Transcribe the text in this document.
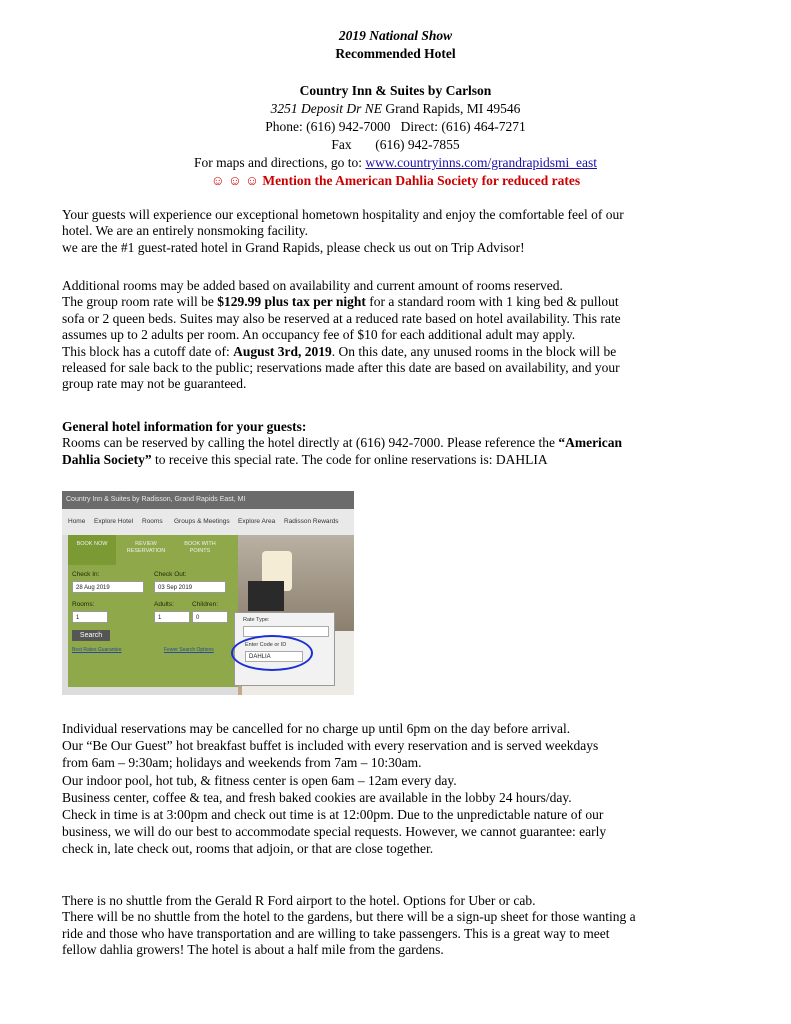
2019 National Show
Recommended Hotel
Country Inn & Suites by Carlson
3251 Deposit Dr NE Grand Rapids, MI 49546
Phone: (616) 942-7000   Direct: (616) 464-7271
Fax       (616) 942-7855
For maps and directions, go to: www.countryinns.com/grandrapidsmi_east
☺ ☺ ☺ Mention the American Dahlia Society for reduced rates
Your guests will experience our exceptional hometown hospitality and enjoy the comfortable feel of our
hotel. We are an entirely nonsmoking facility.
we are the #1 guest-rated hotel in Grand Rapids, please check us out on Trip Advisor!
Additional rooms may be added based on availability and current amount of rooms reserved.
The group room rate will be $129.99 plus tax per night for a standard room with 1 king bed & pullout
sofa or 2 queen beds. Suites may also be reserved at a reduced rate based on hotel availability. This rate
assumes up to 2 adults per room. An occupancy fee of $10 for each additional adult may apply.
This block has a cutoff date of: August 3rd, 2019. On this date, any unused rooms in the block will be
released for sale back to the public; reservations made after this date are based on availability, and your
group rate may not be guaranteed.
General hotel information for your guests:
Rooms can be reserved by calling the hotel directly at (616) 942-7000. Please reference the “American
Dahlia Society” to receive this special rate. The code for online reservations is: DAHLIA
Country Inn & Suites by Radisson, Grand Rapids East, MI
Home Explore Hotel Rooms Groups & Meetings Explore Area Radisson Rewards
BOOK NOW	REVIEW RESERVATION
BOOK WITH POINTS
Check In:
28 Aug 2019
Check Out:
03 Sep 2019
Rooms:
1
Adults:
1
Children:
0
Search
Best Rates Guarantee	Fewer Search Options
Rate Type:
Enter Code or ID
DAHLIA
Individual reservations may be cancelled for no charge up until 6pm on the day before arrival.
Our “Be Our Guest” hot breakfast buffet is included with every reservation and is served weekdays
from 6am – 9:30am; holidays and weekends from 7am – 10:30am.
Our indoor pool, hot tub, & fitness center is open 6am – 12am every day.
Business center, coffee & tea, and fresh baked cookies are available in the lobby 24 hours/day.
Check in time is at 3:00pm and check out time is at 12:00pm. Due to the unpredictable nature of our
business, we will do our best to accommodate special requests. However, we cannot guarantee: early
check in, late check out, rooms that adjoin, or that are close together.
There is no shuttle from the Gerald R Ford airport to the hotel. Options for Uber or cab.
There will be no shuttle from the hotel to the gardens, but there will be a sign-up sheet for those wanting a
ride and those who have transportation and are willing to take passengers. This is a great way to meet
fellow dahlia growers! The hotel is about a half mile from the gardens.
